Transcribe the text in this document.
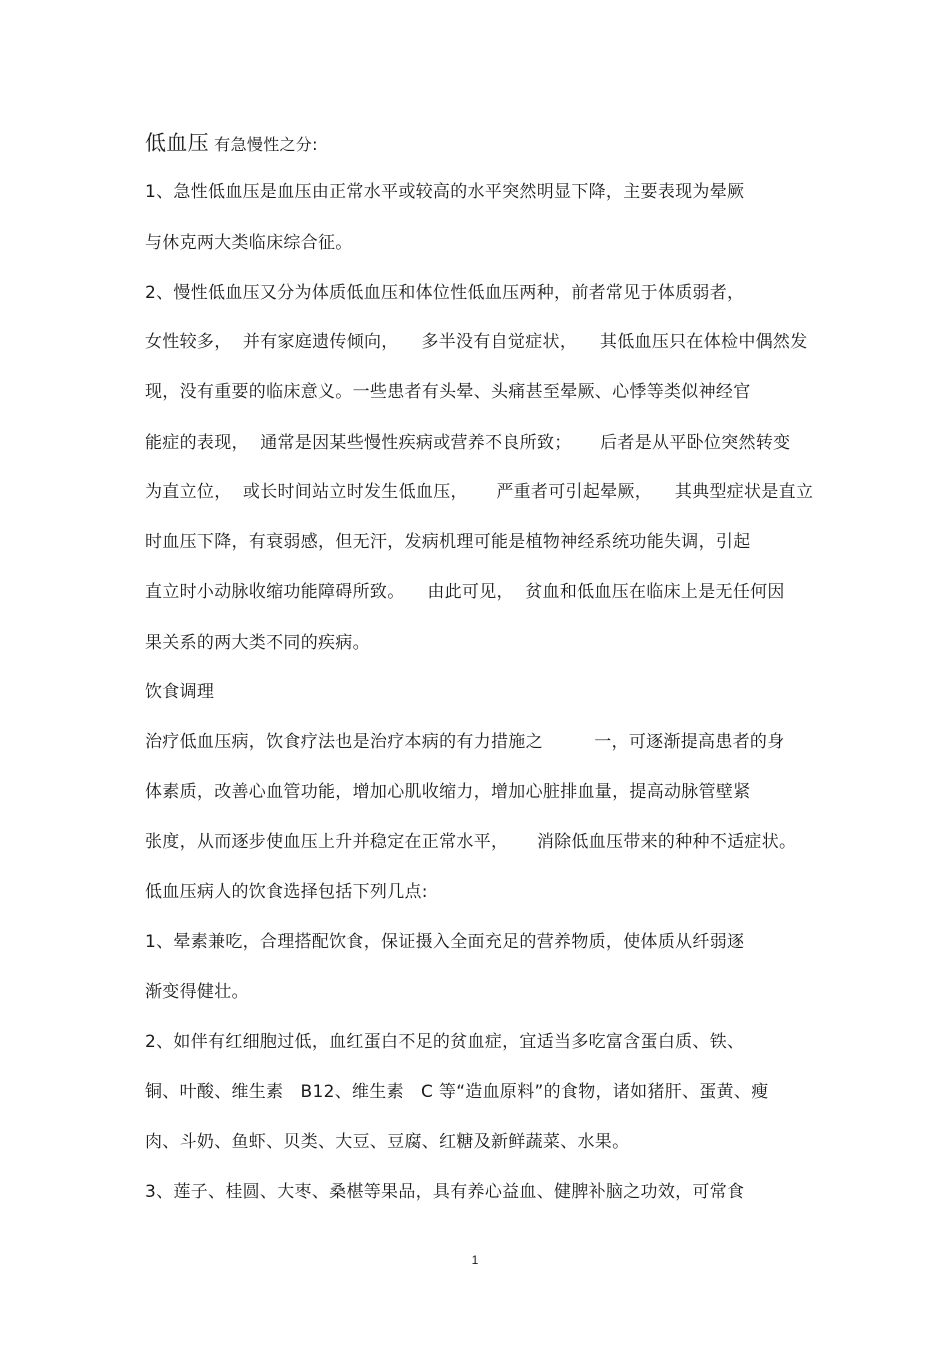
低血压 有急慢性之分:
1、急性低血压是血压由正常水平或较高的水平突然明显下降，主要表现为晕厥
与休克两大类临床综合征。
2、慢性低血压又分为体质低血压和体位性低血压两种，前者常见于体质弱者，
女性较多，  并有家庭遗传倾向，    多半没有自觉症状，    其低血压只在体检中偶然发
现，没有重要的临床意义。一些患者有头晕、头痛甚至晕厥、心悸等类似神经官
能症的表现，  通常是因某些慢性疾病或营养不良所致；     后者是从平卧位突然转变
为直立位，  或长时间站立时发生低血压，     严重者可引起晕厥，    其典型症状是直立
时血压下降，有衰弱感，但无汗，发病机理可能是植物神经系统功能失调，引起
直立时小动脉收缩功能障碍所致。    由此可见，  贫血和低血压在临床上是无任何因
果关系的两大类不同的疾病。
饮食调理
治疗低血压病，饮食疗法也是治疗本病的有力措施之         一，可逐渐提高患者的身
体素质，改善心血管功能，增加心肌收缩力，增加心脏排血量，提高动脉管壁紧
张度，从而逐步使血压上升并稳定在正常水平，     消除低血压带来的种种不适症状。
低血压病人的饮食选择包括下列几点:
1、晕素兼吃，合理搭配饮食，保证摄入全面充足的营养物质，使体质从纤弱逐
渐变得健壮。
2、如伴有红细胞过低，血红蛋白不足的贫血症，宜适当多吃富含蛋白质、铁、
铜、叶酸、维生素   B12、维生素   C 等“造血原料”的食物，诸如猪肝、蛋黄、瘦
肉、斗奶、鱼虾、贝类、大豆、豆腐、红糖及新鲜蔬菜、水果。
3、莲子、桂圆、大枣、桑椹等果品，具有养心益血、健脾补脑之功效，可常食
1
